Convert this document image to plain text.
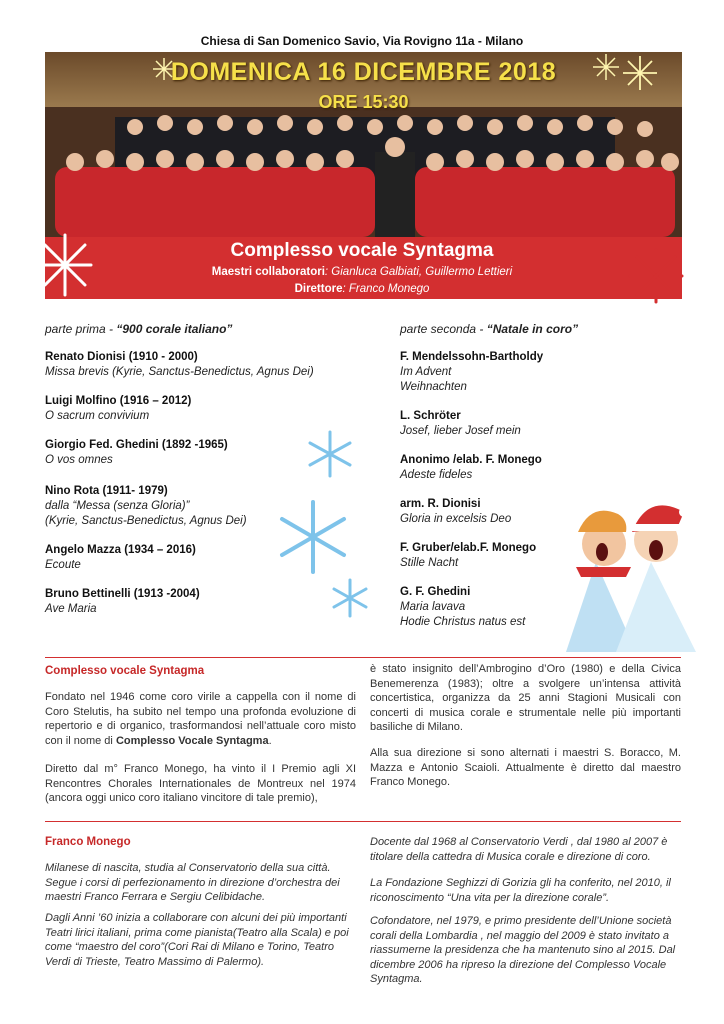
Chiesa di San Domenico Savio, Via Rovigno 11a - Milano
DOMENICA 16 DICEMBRE 2018
ORE 15:30
Complesso vocale Syntagma
Maestri collaboratori: Gianluca Galbiati, Guillermo Lettieri
Direttore: Franco Monego
parte prima - “900 corale italiano”
Renato Dionisi (1910 - 2000)
Missa brevis (Kyrie, Sanctus-Benedictus, Agnus Dei)
Luigi Molfino (1916 – 2012)
O sacrum convivium
Giorgio Fed. Ghedini (1892 -1965)
O vos omnes
Nino Rota (1911- 1979)
dalla “Messa (senza Gloria)”
(Kyrie, Sanctus-Benedictus, Agnus Dei)
Angelo Mazza (1934 – 2016)
Ecoute
Bruno Bettinelli (1913 -2004)
Ave Maria
parte seconda - “Natale in coro”
F. Mendelssohn-Bartholdy
Im Advent
Weihnachten
L. Schröter
Josef, lieber Josef mein
Anonimo /elab. F. Monego
Adeste fideles
arm. R. Dionisi
Gloria in excelsis Deo
F. Gruber/elab.F. Monego
Stille Nacht
G. F. Ghedini
Maria lavava
Hodie Christus natus est
Complesso vocale Syntagma
Fondato nel 1946 come coro virile a cappella con il nome di Coro Stelutis, ha subito nel tempo una profonda evoluzione di repertorio e di organico, trasformandosi nell’attuale coro misto con il nome di Complesso Vocale Syntagma.
Diretto dal m° Franco Monego, ha vinto il I Premio agli XI Rencontres Chorales Internationales de Montreux nel 1974 (ancora oggi unico coro italiano vincitore di tale premio),
è stato insignito dell’Ambrogino d’Oro (1980) e della Civica Benemerenza (1983); oltre a svolgere un’intensa attività concertistica, organizza da 25 anni Stagioni Musicali con concerti di musica corale e strumentale nelle più importanti basiliche di Milano.
Alla sua direzione si sono alternati i maestri S. Boracco, M. Mazza e Antonio Scaioli. Attualmente è diretto dal maestro Franco Monego.
Franco Monego
Milanese di nascita, studia al Conservatorio della sua città. Segue i corsi di perfezionamento in direzione d’orchestra dei maestri Franco Ferrara e Sergiu Celibidache.
Dagli Anni ’60 inizia a collaborare con alcuni dei più importanti Teatri lirici italiani, prima come pianista(Teatro alla Scala) e poi come “maestro del coro”(Cori Rai di Milano e Torino, Teatro Verdi di Trieste, Teatro Massimo di Palermo).
Docente dal 1968 al Conservatorio Verdi , dal 1980 al 2007 è titolare della cattedra di Musica corale e direzione di coro.
La Fondazione Seghizzi di Gorizia gli ha conferito, nel 2010, il riconoscimento “Una vita per la direzione corale”.
Cofondatore, nel 1979, e primo presidente dell’Unione società corali della Lombardia , nel maggio del 2009 è stato invitato a riassumerne la presidenza che ha mantenuto sino al 2015. Dal dicembre 2006 ha ripreso la direzione del Complesso Vocale Syntagma.
